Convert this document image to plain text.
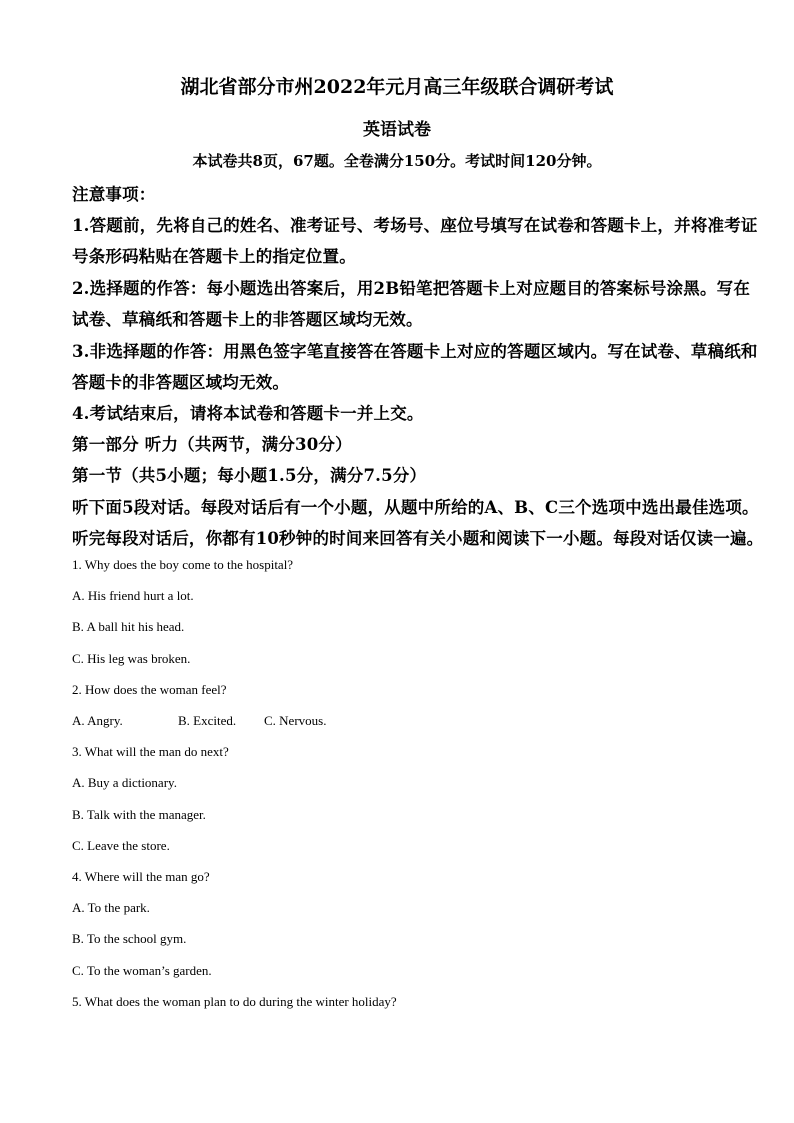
湖北省部分市州2022年元月高三年级联合调研考试
英语试卷
本试卷共8页，67题。全卷满分150分。考试时间120分钟。
注意事项：
1.答题前，先将自己的姓名、准考证号、考场号、座位号填写在试卷和答题卡上，并将准考证
号条形码粘贴在答题卡上的指定位置。
2.选择题的作答：每小题选出答案后，用2B铅笔把答题卡上对应题目的答案标号涂黑。写在
试卷、草稿纸和答题卡上的非答题区域均无效。
3.非选择题的作答：用黑色签字笔直接答在答题卡上对应的答题区域内。写在试卷、草稿纸和
答题卡的非答题区域均无效。
4.考试结束后，请将本试卷和答题卡一并上交。
第一部分 听力（共两节，满分30分）
第一节（共5小题；每小题1.5分，满分7.5分）
听下面5段对话。每段对话后有一个小题，从题中所给的A、B、C三个选项中选出最佳选项。
听完每段对话后，你都有10秒钟的时间来回答有关小题和阅读下一小题。每段对话仅读一遍。
1. Why does the boy come to the hospital?
A. His friend hurt a lot.
B. A ball hit his head.
C. His leg was broken.
2. How does the woman feel?
A. Angry.	B. Excited. C. Nervous.
3. What will the man do next?
A. Buy a dictionary.
B. Talk with the manager.
C. Leave the store.
4. Where will the man go?
A. To the park.
B. To the school gym.
C. To the woman’s garden.
5. What does the woman plan to do during the winter holiday?
